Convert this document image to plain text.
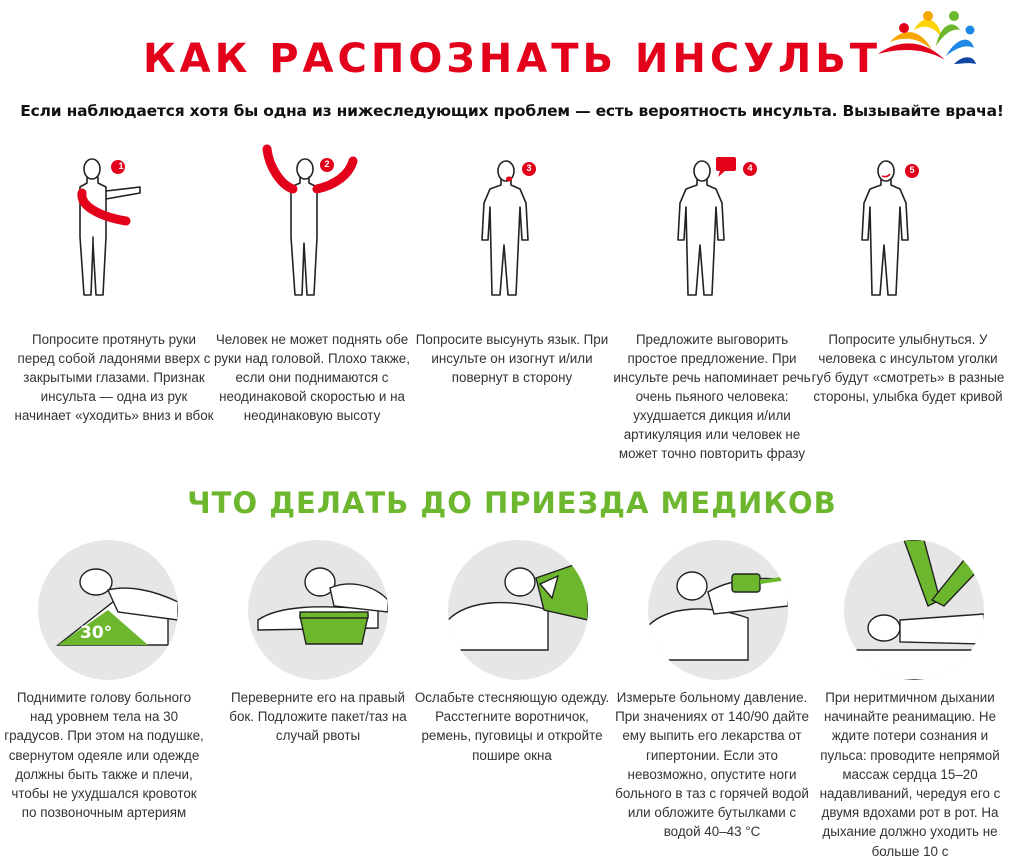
КАК РАСПОЗНАТЬ ИНСУЛЬТ
Если наблюдается хотя бы одна из нижеследующих проблем — есть вероятность инсульта. Вызывайте врача!
1	2	3	4	5
Попросите протянуть руки перед собой ладонями вверх с закрытыми глазами. Признак инсульта — одна из рук начинает «уходить» вниз и вбок
Человек не может поднять обе руки над головой. Плохо также, если они поднимаются с неодинаковой скоростью и на неодинаковую высоту
Попросите высунуть язык. При инсульте он изогнут и/или повернут в сторону
Предложите выговорить простое предложение. При инсульте речь напоминает речь очень пьяного человека: ухудшается дикция и/или артикуляция или человек не может точно повторить фразу
Попросите улыбнуться. У человека с инсультом уголки губ будут «смотреть» в разные стороны, улыбка будет кривой
ЧТО ДЕЛАТЬ ДО ПРИЕЗДА МЕДИКОВ
30°
Поднимите голову больного над уровнем тела на 30 градусов. При этом на подушке, свернутом одеяле или одежде должны быть также и плечи, чтобы не ухудшался кровоток по позвоночным артериям
Переверните его на правый бок. Подложите пакет/таз на случай рвоты
Ослабьте стесняющую одежду. Расстегните воротничок, ремень, пуговицы и откройте пошире окна
Измерьте больному давление. При значениях от 140/90 дайте ему выпить его лекарства от гипертонии. Если это невозможно, опустите ноги больного в таз с горячей водой или обложите бутылками с водой 40–43 °С
При неритмичном дыхании начинайте реанимацию. Не ждите потери сознания и пульса: проводите непрямой массаж сердца 15–20 надавливаний, чередуя его с двумя вдохами рот в рот. На дыхание должно уходить не больше 10 с
